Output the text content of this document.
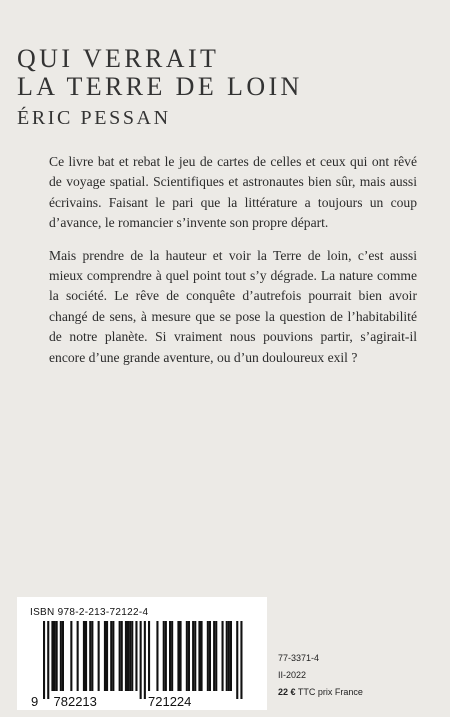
QUI VERRAIT
LA TERRE DE LOIN
ÉRIC PESSAN

Ce livre bat et rebat le jeu de cartes de celles et ceux qui ont rêvé de voyage spatial. Scientifiques et astronautes bien sûr, mais aussi écrivains. Faisant le pari que la littérature a toujours un coup d’avance, le romancier s’invente son propre départ.

Mais prendre de la hauteur et voir la Terre de loin, c’est aussi mieux comprendre à quel point tout s’y dégrade. La nature comme la société. Le rêve de conquête d’autrefois pourrait bien avoir changé de sens, à mesure que se pose la question de l’habitabilité de notre planète. Si vraiment nous pouvions partir, s’agirait-il encore d’une grande aventure, ou d’un douloureux exil ?

ISBN 978-2-213-72122-4
9 782213	721224
77-3371-4
II-2022
22 € TTC prix France
